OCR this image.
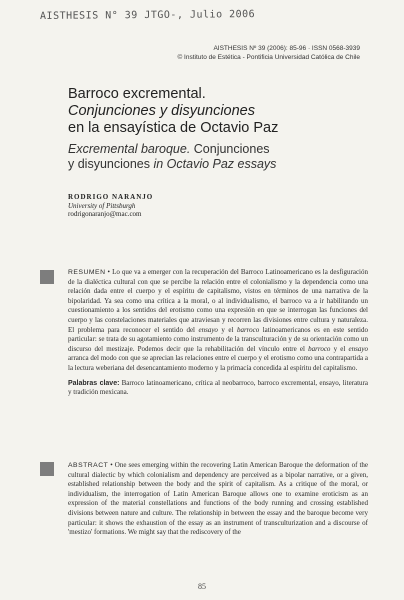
AISTHESIS N° 39 JTGO-, Julio 2006
AISTHESIS Nº 39 (2006): 85-96 · ISSN 0568-3939
© Instituto de Estética - Pontificia Universidad Católica de Chile
Barroco excremental.
Conjunciones y disyunciones
en la ensayística de Octavio Paz
Excremental baroque. Conjunciones
y disyunciones in Octavio Paz essays
RODRIGO NARANJO
University of Pittsburgh
rodrigonaranjo@mac.com
RESUMEN • Lo que va a emerger con la recuperación del Barroco Latinoamericano es la desfiguración de la dialéctica cultural con que se percibe la relación entre el colonialismo y la dependencia como una relación dada entre el cuerpo y el espíritu de capitalismo, vistos en términos de una narrativa de la bipolaridad. Ya sea como una crítica a la moral, o al individualismo, el barroco va a ir habilitando un cuestionamiento a los sentidos del erotismo como una expresión en que se interrogan las funciones del cuerpo y las constelaciones materiales que atraviesan y recorren las divisiones entre cultura y naturaleza. El problema para reconocer el sentido del ensayo y el barroco latinoamericanos es en este sentido particular: se trata de su agotamiento como instrumento de la transculturación y de su orientación como un discurso del mestizaje. Podemos decir que la rehabilitación del vínculo entre el barroco y el ensayo arranca del modo con que se aprecian las relaciones entre el cuerpo y el erotismo como una contrapartida a la lectura weberiana del desencantamiento moderno y la primacía concedida al espíritu del capitalismo.
Palabras clave: Barroco latinoamericano, crítica al neobarroco, barroco excremental, ensayo, literatura y tradición mexicana.
ABSTRACT • One sees emerging within the recovering Latin American Baroque the deformation of the cultural dialectic by which colonialism and dependency are perceived as a bipolar narrative, or a given, established relationship between the body and the spirit of capitalism. As a critique of the moral, or individualism, the interrogation of Latin American Baroque allows one to examine eroticism as an expression of the material constellations and functions of the body running and crossing established divisions between nature and culture. The relationship in between the essay and the baroque become very particular: it shows the exhaustion of the essay as an instrument of transculturization and a discourse of 'mestizo' formations. We might say that the rediscovery of the
85
